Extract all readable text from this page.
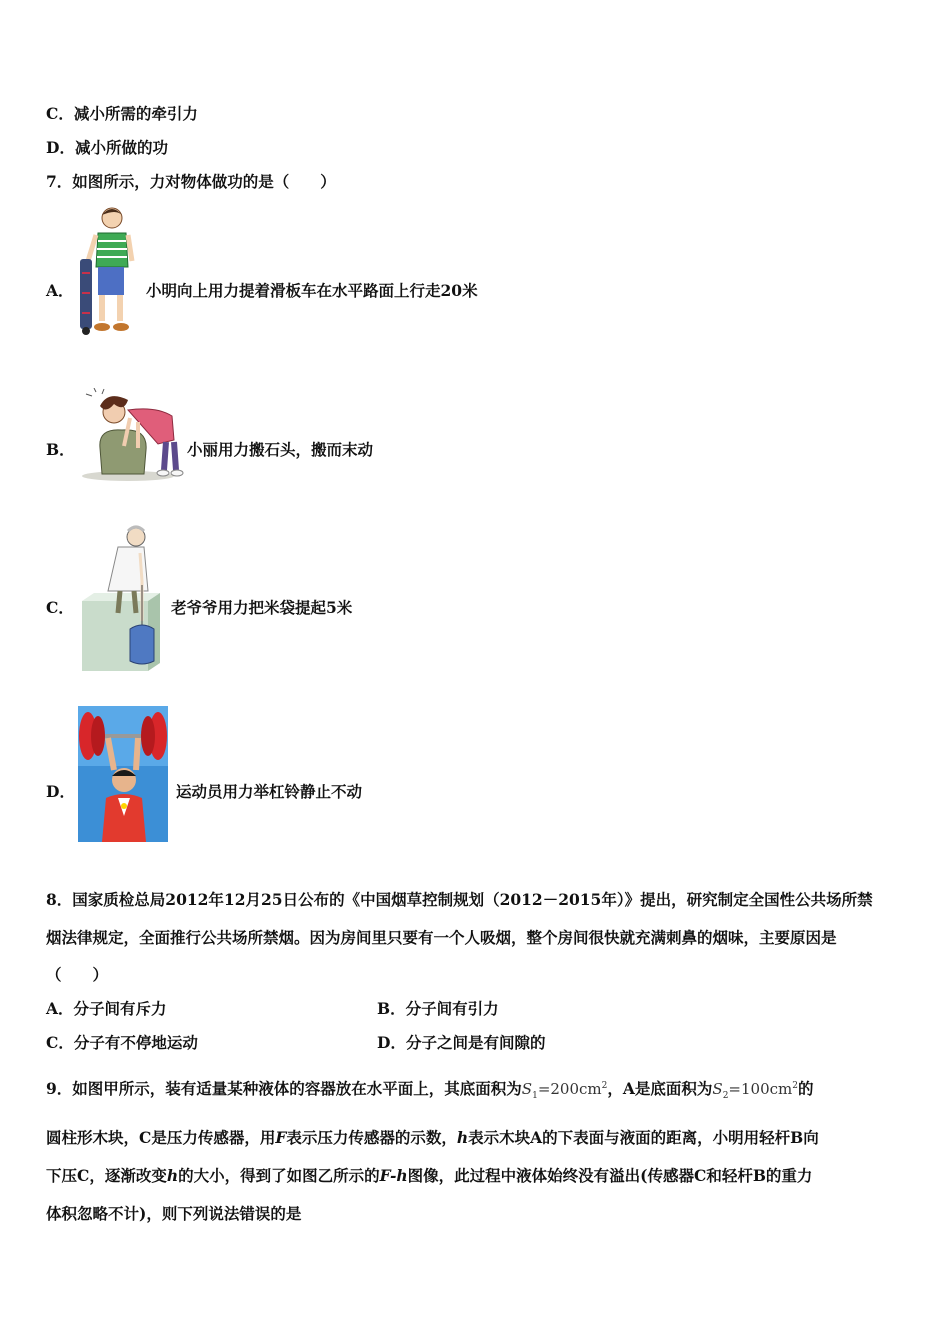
C．减小所需的牵引力
D．减小所做的功
7．如图所示，力对物体做功的是（　　）
A．	小明向上用力提着滑板车在水平路面上行走20米
B．	小丽用力搬石头，搬而末动
C．	老爷爷用力把米袋提起5米
D．	运动员用力举杠铃静止不动
8．国家质检总局2012年12月25日公布的《中国烟草控制规划（2012－2015年）》提出，研究制定全国性公共场所禁
烟法律规定，全面推行公共场所禁烟。因为房间里只要有一个人吸烟，整个房间很快就充满刺鼻的烟味，主要原因是
（　　）
A．分子间有斥力	B．分子间有引力
C．分子有不停地运动	D．分子之间是有间隙的
9．如图甲所示，装有适量某种液体的容器放在水平面上，其底面积为$S_1=200cm^2$，A是底面积为$S_2=100cm^2$的
圆柱形木块，C是压力传感器，用F表示压力传感器的示数，h表示木块A的下表面与液面的距离，小明用轻杆B向
下压C，逐渐改变h的大小，得到了如图乙所示的F-h图像，此过程中液体始终没有溢出(传感器C和轻杆B的重力
体积忽略不计)，则下列说法错误的是
